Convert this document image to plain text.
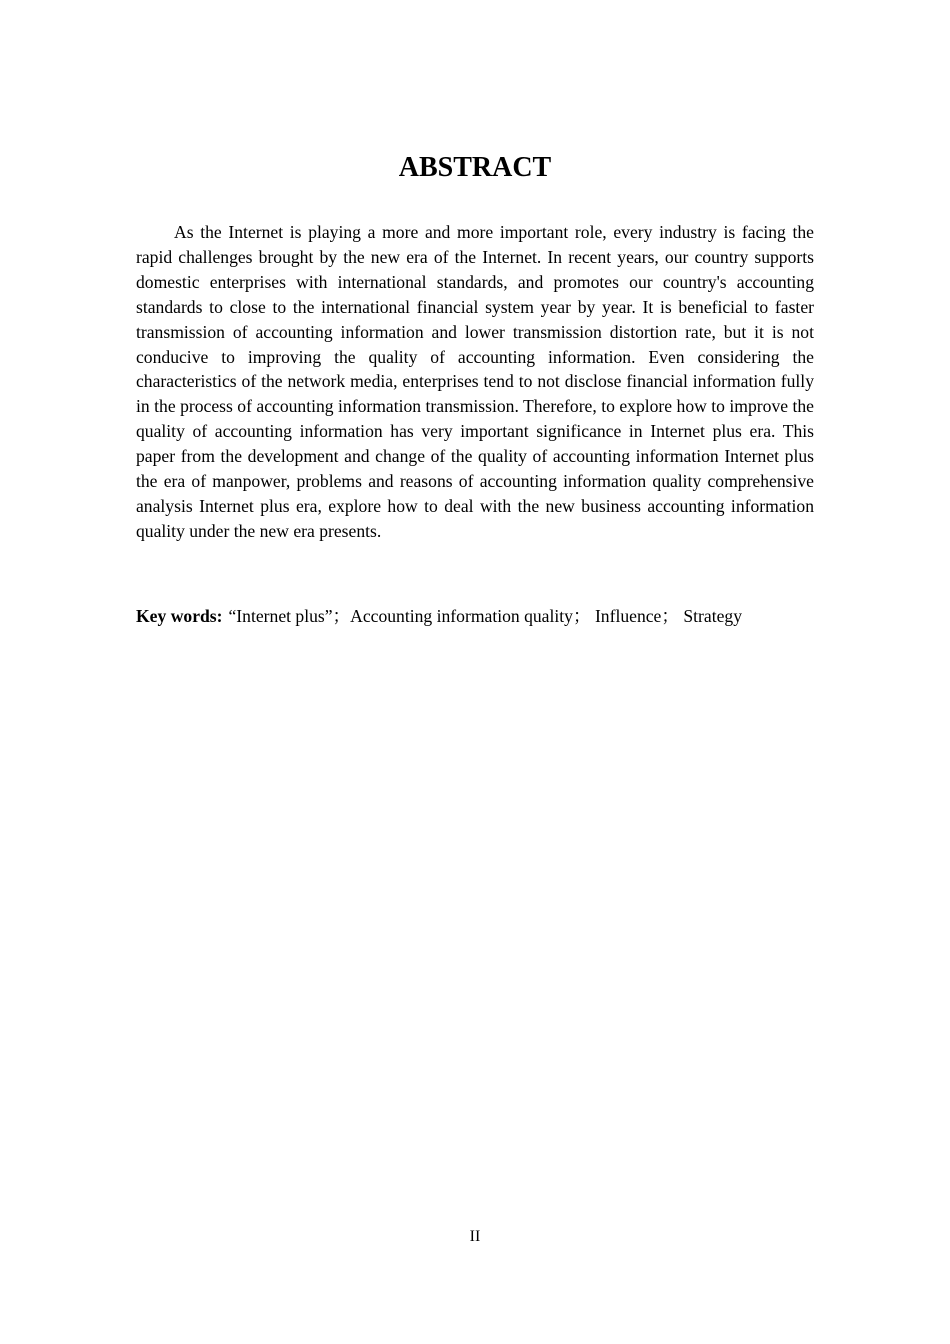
ABSTRACT

As the Internet is playing a more and more important role, every industry is facing the rapid challenges brought by the new era of the Internet. In recent years, our country supports domestic enterprises with international standards, and promotes our country's accounting standards to close to the international financial system year by year. It is beneficial to faster transmission of accounting information and lower transmission distortion rate, but it is not conducive to improving the quality of accounting information. Even considering the characteristics of the network media, enterprises tend to not disclose financial information fully in the process of accounting information transmission. Therefore, to explore how to improve the quality of accounting information has very important significance in Internet plus era. This paper from the development and change of the quality of accounting information Internet plus the era of manpower, problems and reasons of accounting information quality comprehensive analysis Internet plus era, explore how to deal with the new business accounting information quality under the new era presents.

Key words: “Internet plus”；Accounting information quality； Influence； Strategy

II
